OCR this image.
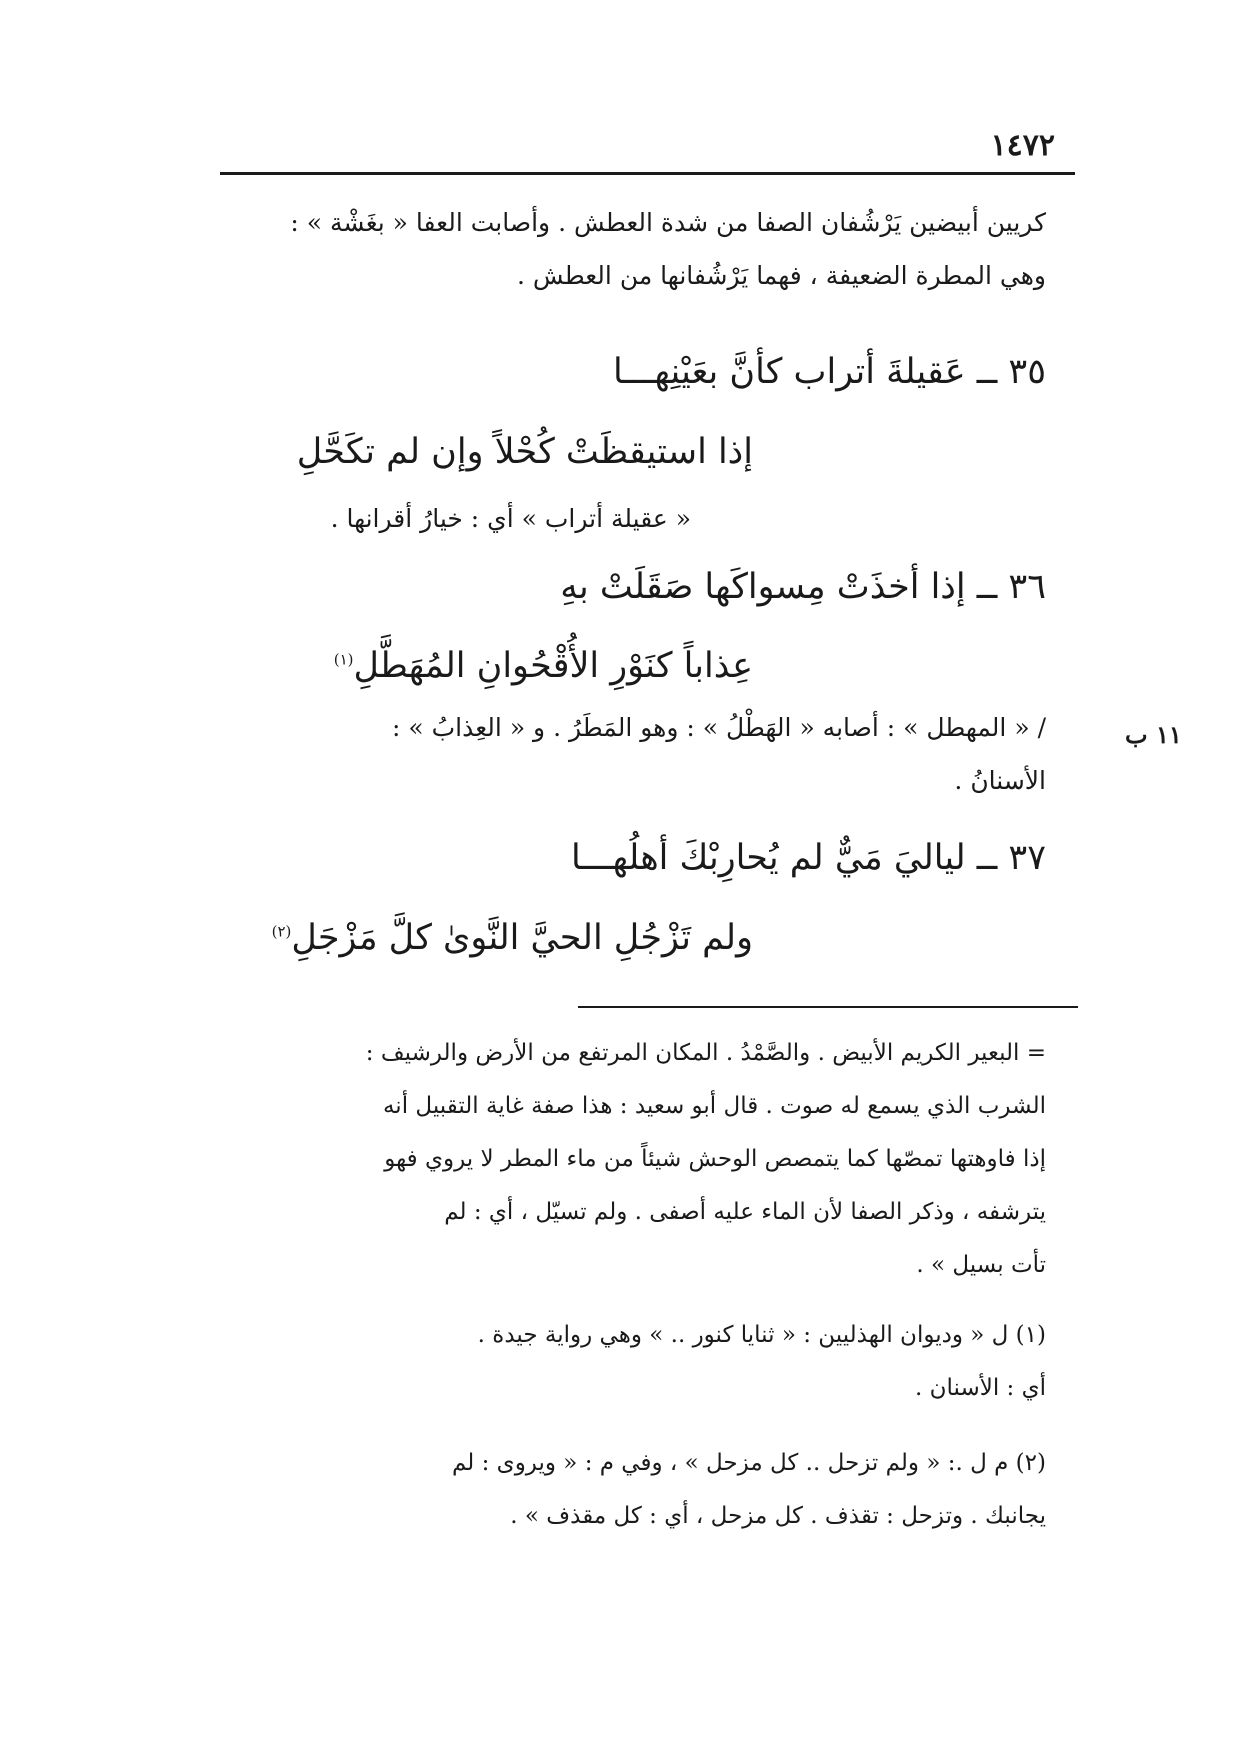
١٤٧٢
كريين أبيضين يَرْشُفان الصفا من شدة العطش . وأصابت العفا « بغَشْة » :
وهي المطرة الضعيفة ، فهما يَرْشُفانها من العطش .
٣٥ ــ عَقيلةَ أتراب كأنَّ بعَيْنِهـــا
إذا استيقظَتْ كُحْلاً وإن لم تكَحَّلِ
« عقيلة أتراب » أي : خيارُ أقرانها .
٣٦ ــ إذا أخذَتْ مِسواكَها صَقَلَتْ بهِ
عِذاباً كنَوْرِ الأُقْحُوانِ المُهَطَّلِ$^{(١)}$
/ « المهطل » : أصابه « الهَطْلُ » : وهو المَطَرُ . و « العِذابُ » :
الأسنانُ .
١١ ب
٣٧ ــ لياليَ مَيٌّ لم يُحارِبْكَ أهلُهـــا
ولم تَزْجُلِ الحيَّ النَّوىٰ كلَّ مَزْجَلِ$^{(٢)}$
= البعير الكريم الأبيض . والصَّمْدُ . المكان المرتفع من الأرض والرشيف :
الشرب الذي يسمع له صوت . قال أبو سعيد : هذا صفة غاية التقبيل أنه
إذا فاوهتها تمصّها كما يتمصص الوحش شيئاً من ماء المطر لا يروي فهو
يترشفه ، وذكر الصفا لأن الماء عليه أصفى . ولم تسيّل ، أي : لم
تأت بسيل » .
(١) ل « وديوان الهذليين : « ثنايا كنور .. » وهي رواية جيدة .
أي : الأسنان .
(٢) م ل .: « ولم تزحل .. كل مزحل » ، وفي م : « ويروى : لم
يجانبك . وتزحل : تقذف . كل مزحل ، أي : كل مقذف » .
